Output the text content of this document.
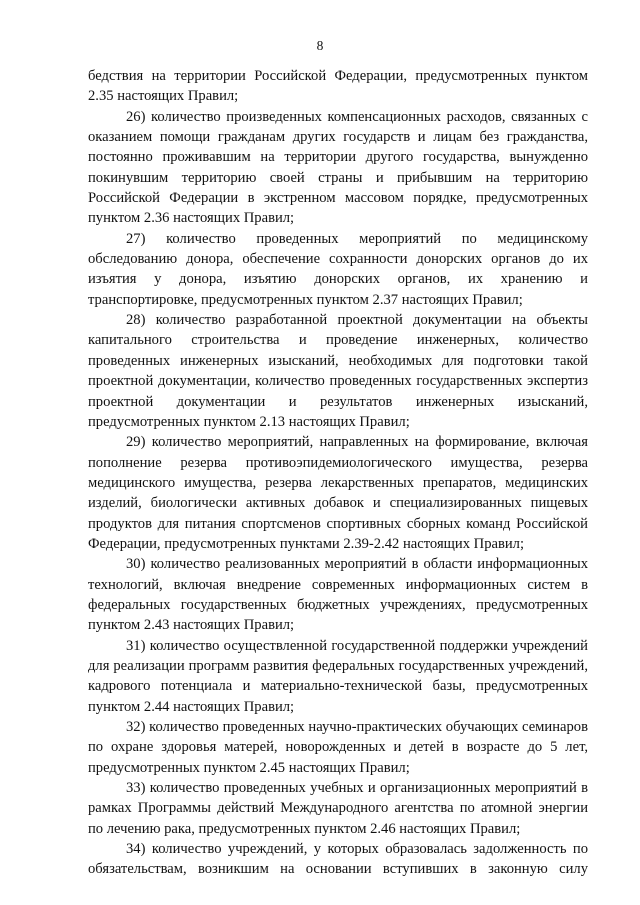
8

бедствия на территории Российской Федерации, предусмотренных пунктом 2.35 настоящих Правил;

26) количество произведенных компенсационных расходов, связанных с оказанием помощи гражданам других государств и лицам без гражданства, постоянно проживавшим на территории другого государства, вынужденно покинувшим территорию своей страны и прибывшим на территорию Российской Федерации в экстренном массовом порядке, предусмотренных пунктом 2.36 настоящих Правил;

27) количество проведенных мероприятий по медицинскому обследованию донора, обеспечение сохранности донорских органов до их изъятия у донора, изъятию донорских органов, их хранению и транспортировке, предусмотренных пунктом 2.37 настоящих Правил;

28) количество разработанной проектной документации на объекты капитального строительства и проведение инженерных, количество проведенных инженерных изысканий, необходимых для подготовки такой проектной документации, количество проведенных государственных экспертиз проектной документации и результатов инженерных изысканий, предусмотренных пунктом 2.13 настоящих Правил;

29) количество мероприятий, направленных на формирование, включая пополнение резерва противоэпидемиологического имущества, резерва медицинского имущества, резерва лекарственных препаратов, медицинских изделий, биологически активных добавок и специализированных пищевых продуктов для питания спортсменов спортивных сборных команд Российской Федерации, предусмотренных пунктами 2.39-2.42 настоящих Правил;

30) количество реализованных мероприятий в области информационных технологий, включая внедрение современных информационных систем в федеральных государственных бюджетных учреждениях, предусмотренных пунктом 2.43 настоящих Правил;

31) количество осуществленной государственной поддержки учреждений для реализации программ развития федеральных государственных учреждений, кадрового потенциала и материально-технической базы, предусмотренных пунктом 2.44 настоящих Правил;

32) количество проведенных научно-практических обучающих семинаров по охране здоровья матерей, новорожденных и детей в возрасте до 5 лет, предусмотренных пунктом 2.45 настоящих Правил;

33) количество проведенных учебных и организационных мероприятий в рамках Программы действий Международного агентства по атомной энергии по лечению рака, предусмотренных пунктом 2.46 настоящих Правил;

34) количество учреждений, у которых образовалась задолженность по обязательствам, возникшим на основании вступивших в законную силу
